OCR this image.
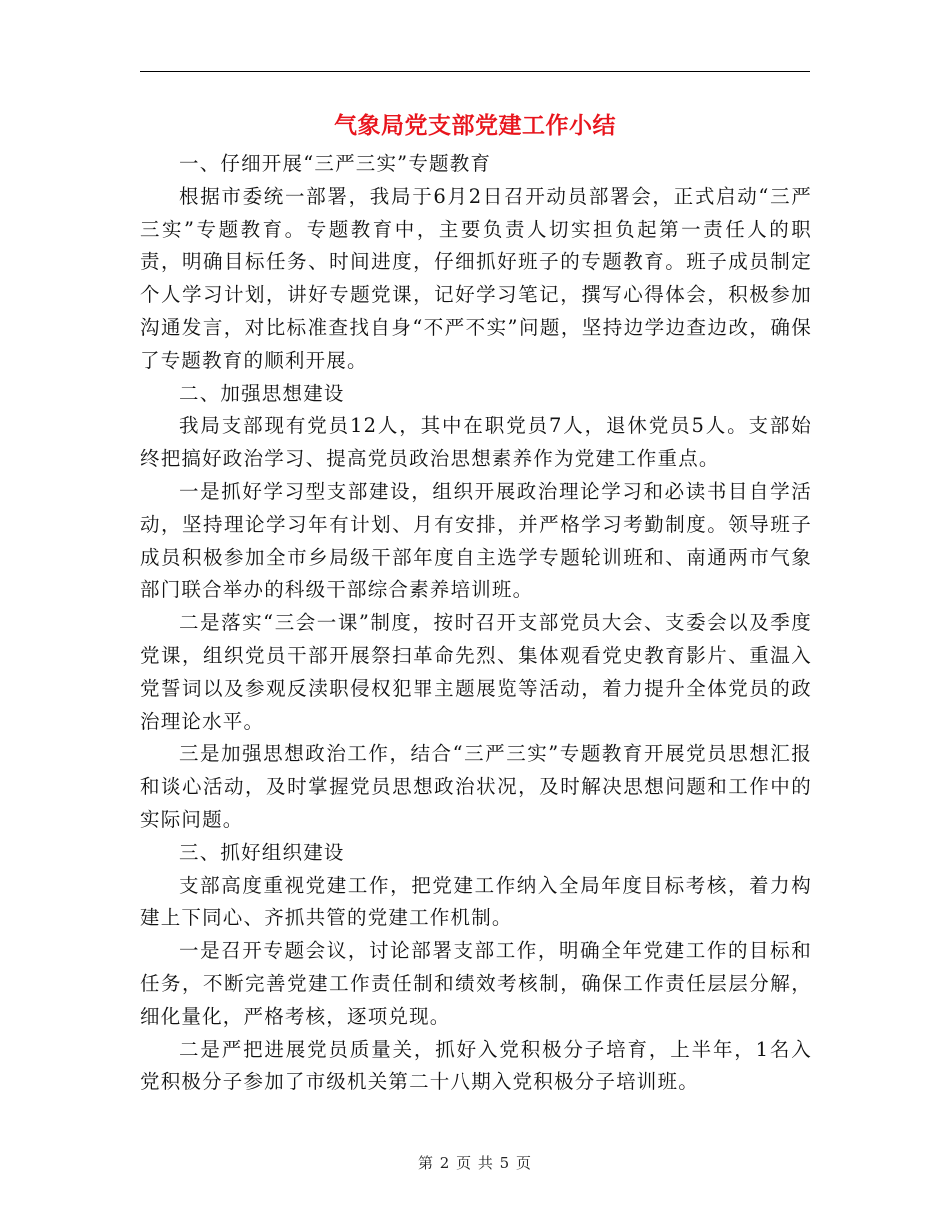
气象局党支部党建工作小结

一、仔细开展“三严三实”专题教育

根据市委统一部署，我局于6月2日召开动员部署会，正式启动“三严三实”专题教育。专题教育中，主要负责人切实担负起第一责任人的职责，明确目标任务、时间进度，仔细抓好班子的专题教育。班子成员制定个人学习计划，讲好专题党课，记好学习笔记，撰写心得体会，积极参加沟通发言，对比标准查找自身“不严不实”问题，坚持边学边查边改，确保了专题教育的顺利开展。

二、加强思想建设

我局支部现有党员12人，其中在职党员7人，退休党员5人。支部始终把搞好政治学习、提高党员政治思想素养作为党建工作重点。

一是抓好学习型支部建设，组织开展政治理论学习和必读书目自学活动，坚持理论学习年有计划、月有安排，并严格学习考勤制度。领导班子成员积极参加全市乡局级干部年度自主选学专题轮训班和、南通两市气象部门联合举办的科级干部综合素养培训班。

二是落实“三会一课”制度，按时召开支部党员大会、支委会以及季度党课，组织党员干部开展祭扫革命先烈、集体观看党史教育影片、重温入党誓词以及参观反渎职侵权犯罪主题展览等活动，着力提升全体党员的政治理论水平。

三是加强思想政治工作，结合“三严三实”专题教育开展党员思想汇报和谈心活动，及时掌握党员思想政治状况，及时解决思想问题和工作中的实际问题。

三、抓好组织建设

支部高度重视党建工作，把党建工作纳入全局年度目标考核，着力构建上下同心、齐抓共管的党建工作机制。

一是召开专题会议，讨论部署支部工作，明确全年党建工作的目标和任务，不断完善党建工作责任制和绩效考核制，确保工作责任层层分解，细化量化，严格考核，逐项兑现。

二是严把进展党员质量关，抓好入党积极分子培育，上半年，1名入党积极分子参加了市级机关第二十八期入党积极分子培训班。

第 2 页 共 5 页
